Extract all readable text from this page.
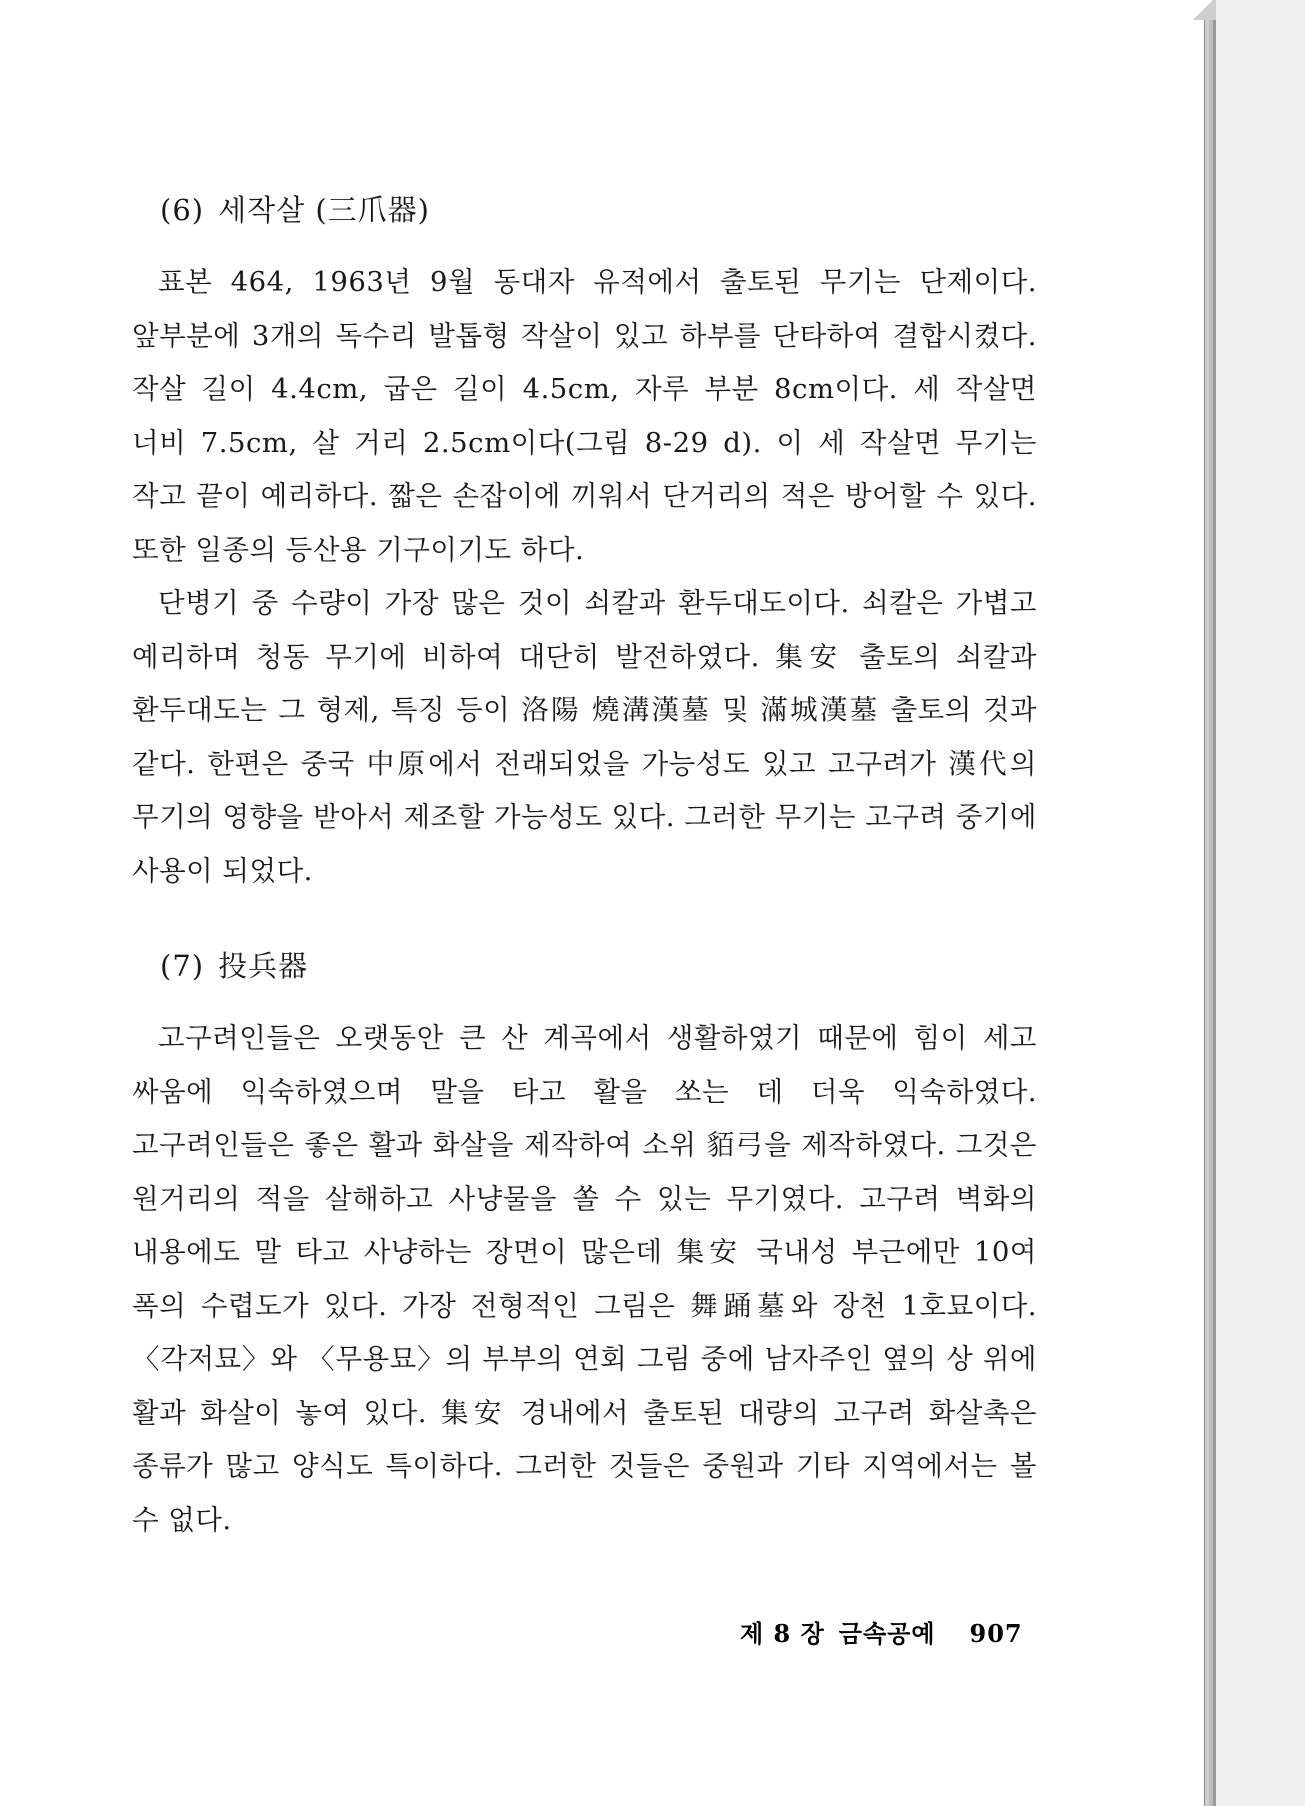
(6) 세작살 (三爪器)

표본 464, 1963년 9월 동대자 유적에서 출토된 무기는 단제이다. 앞부분에 3개의 독수리 발톱형 작살이 있고 하부를 단타하여 결합시켰다. 작살 길이 4.4cm, 굽은 길이 4.5cm, 자루 부분 8cm이다. 세 작살면 너비 7.5cm, 살 거리 2.5cm이다(그림 8-29 d). 이 세 작살면 무기는 작고 끝이 예리하다. 짧은 손잡이에 끼워서 단거리의 적은 방어할 수 있다. 또한 일종의 등산용 기구이기도 하다.

단병기 중 수량이 가장 많은 것이 쇠칼과 환두대도이다. 쇠칼은 가볍고 예리하며 청동 무기에 비하여 대단히 발전하였다. 集安 출토의 쇠칼과 환두대도는 그 형제, 특징 등이 洛陽 燒溝漢墓 및 滿城漢墓 출토의 것과 같다. 한편은 중국 中原에서 전래되었을 가능성도 있고 고구려가 漢代의 무기의 영향을 받아서 제조할 가능성도 있다. 그러한 무기는 고구려 중기에 사용이 되었다.

(7) 投兵器

고구려인들은 오랫동안 큰 산 계곡에서 생활하였기 때문에 힘이 세고 싸움에 익숙하였으며 말을 타고 활을 쏘는 데 더욱 익숙하였다. 고구려인들은 좋은 활과 화살을 제작하여 소위 貊弓을 제작하였다. 그것은 원거리의 적을 살해하고 사냥물을 쏠 수 있는 무기였다. 고구려 벽화의 내용에도 말 타고 사냥하는 장면이 많은데 集安 국내성 부근에만 10여 폭의 수렵도가 있다. 가장 전형적인 그림은 舞踊墓와 장천 1호묘이다. 〈각저묘〉와 〈무용묘〉의 부부의 연회 그림 중에 남자주인 옆의 상 위에 활과 화살이 놓여 있다. 集安 경내에서 출토된 대량의 고구려 화살촉은 종류가 많고 양식도 특이하다. 그러한 것들은 중원과 기타 지역에서는 볼 수 없다.

제 8 장 금속공예 907
